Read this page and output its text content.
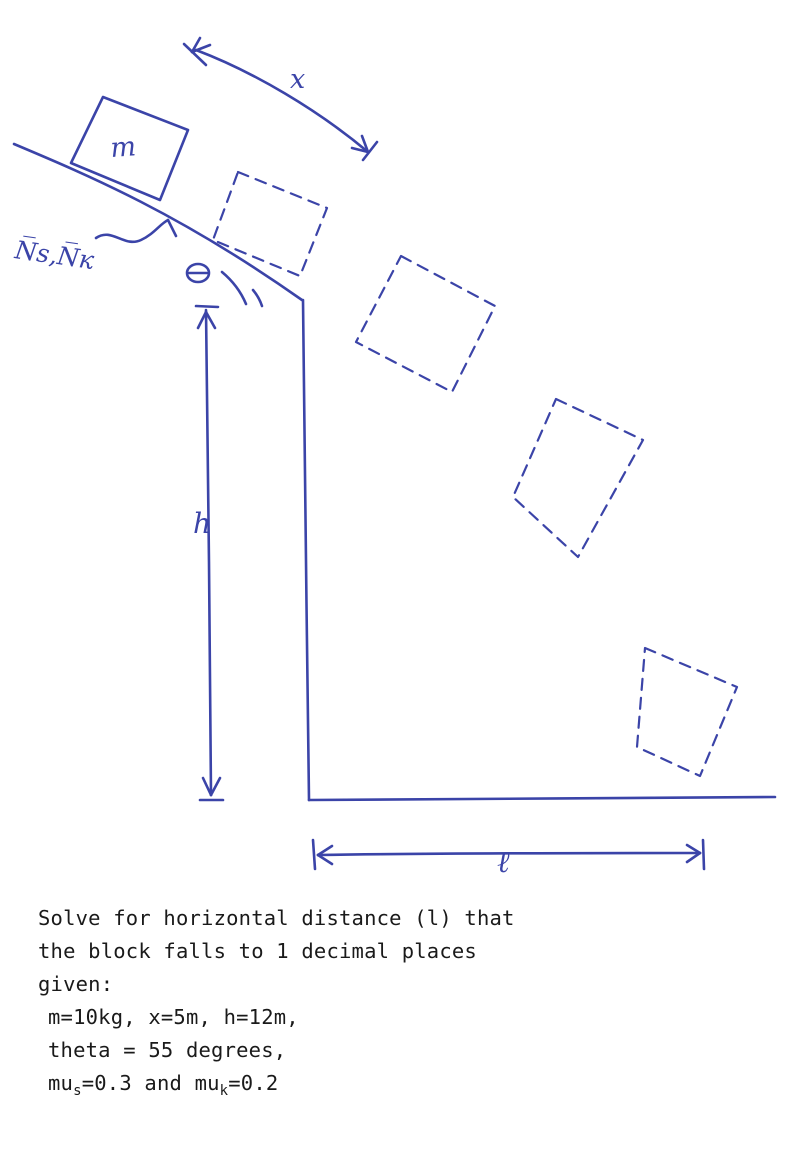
m
x
N̅s,N̅к
h
ℓ
Solve for horizontal distance (l) that
the block falls to 1 decimal places
given:
m=10kg, x=5m, h=12m,
theta = 55 degrees,
$mu_s=0.3$ and $mu_k=0.2$
